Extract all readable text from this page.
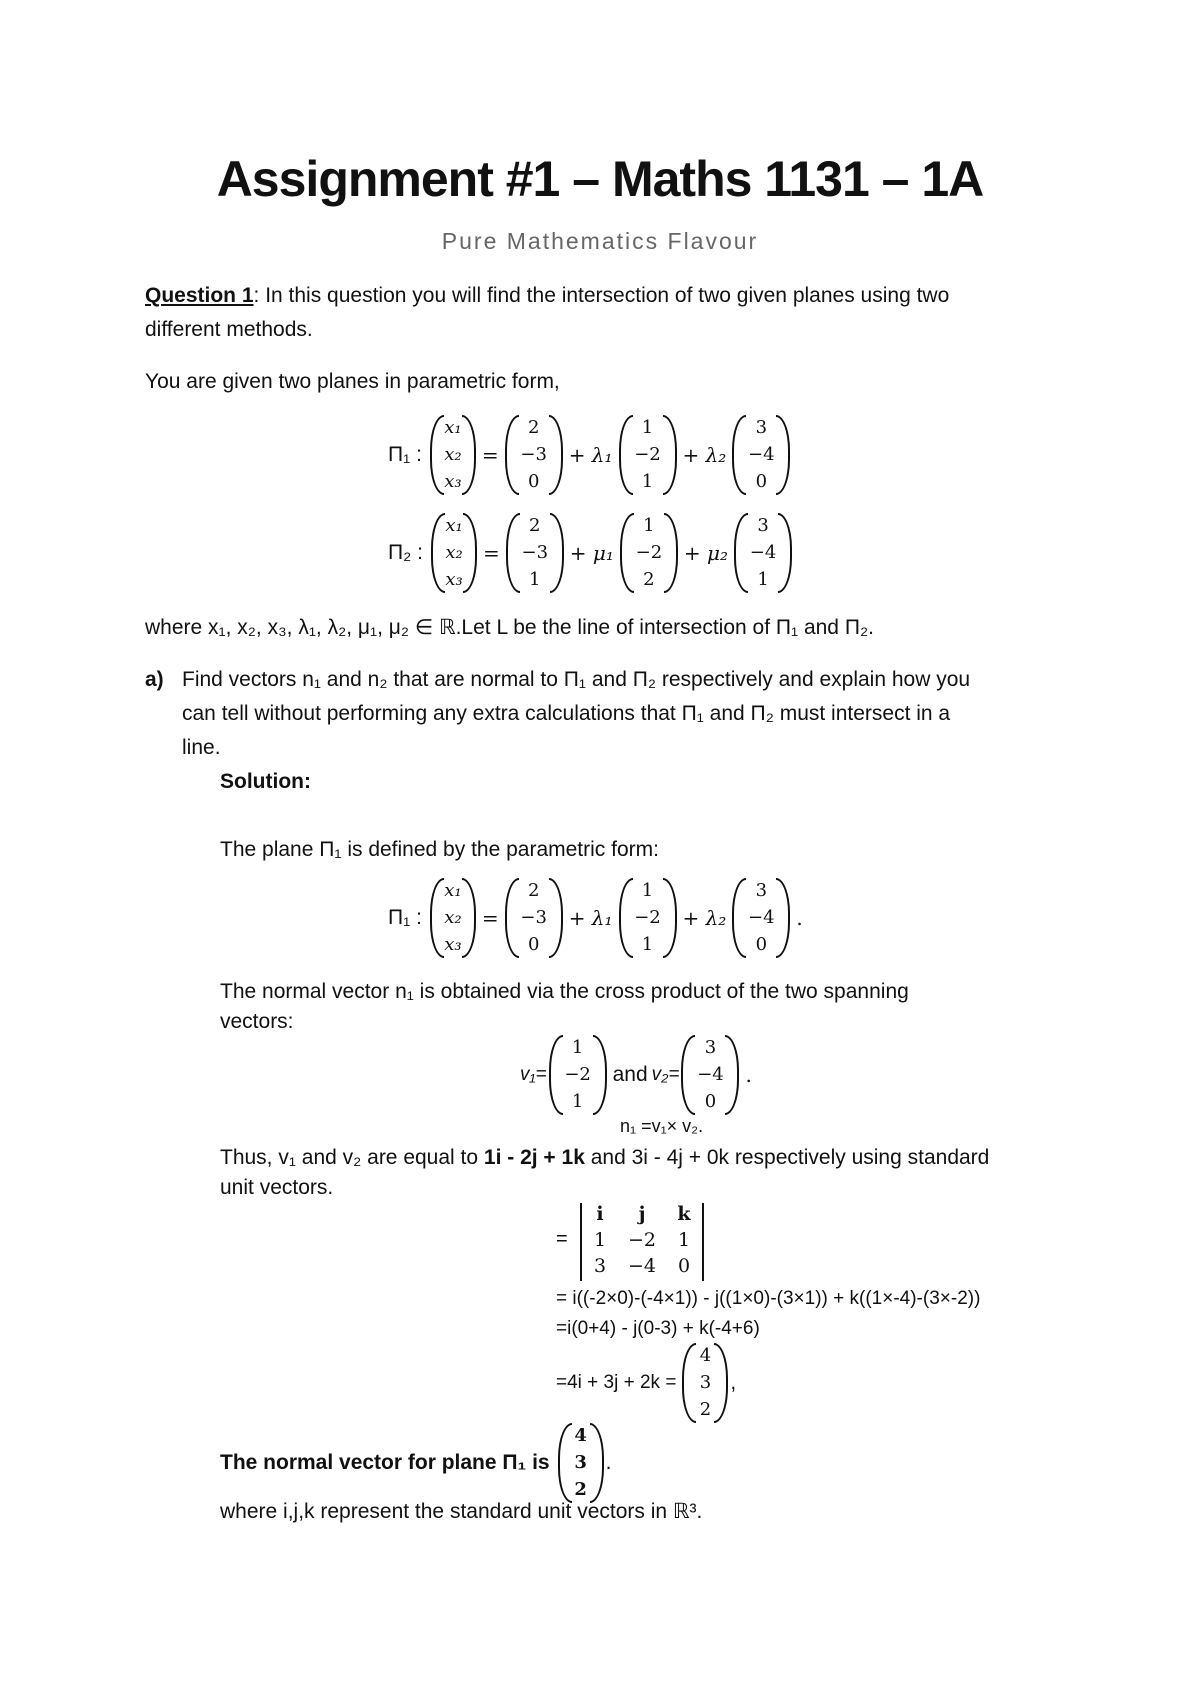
Assignment #1 – Maths 1131 – 1A
Pure Mathematics Flavour
Question 1: In this question you will find the intersection of two given planes using two
different methods.
You are given two planes in parametric form,
Π₁ :
x₁
x₂
x₃
=
2
−3
0
+ λ₁
1
−2
1
+ λ₂
3
−4
0
Π₂ :
x₁
x₂
x₃
=
2
−3
1
+ μ₁
1
−2
2
+ μ₂
3
−4
1
where x₁, x₂, x₃, λ₁, λ₂, μ₁, μ₂ ∈ ℝ.Let L be the line of intersection of Π₁ and Π₂.
a) Find vectors n₁ and n₂ that are normal to Π₁ and Π₂ respectively and explain how you
can tell without performing any extra calculations that Π₁ and Π₂ must intersect in a
line.
Solution:
The plane Π₁ is defined by the parametric form:
Π₁ :
x₁
x₂
x₃
=
2
−3
0
+ λ₁
1
−2
1
+ λ₂
3
−4
0
.
The normal vector n₁ is obtained via the cross product of the two spanning
vectors:
v₁=
1
−2
1
and v₂=
3
−4
0
.
n₁ =v₁× v₂.
Thus, v₁ and v₂ are equal to 1i - 2j + 1k and 3i - 4j + 0k respectively using standard
unit vectors.
=
i	j	k
1	−2	1
3	−4	0
= i((-2×0)-(-4×1)) - j((1×0)-(3×1)) + k((1×-4)-(3×-2))
=i(0+4) - j(0-3) + k(-4+6)
=4i + 3j + 2k =
4
3
2
,
The normal vector for plane Π₁ is
4
3
2
.
where i,j,k represent the standard unit vectors in ℝ³.
